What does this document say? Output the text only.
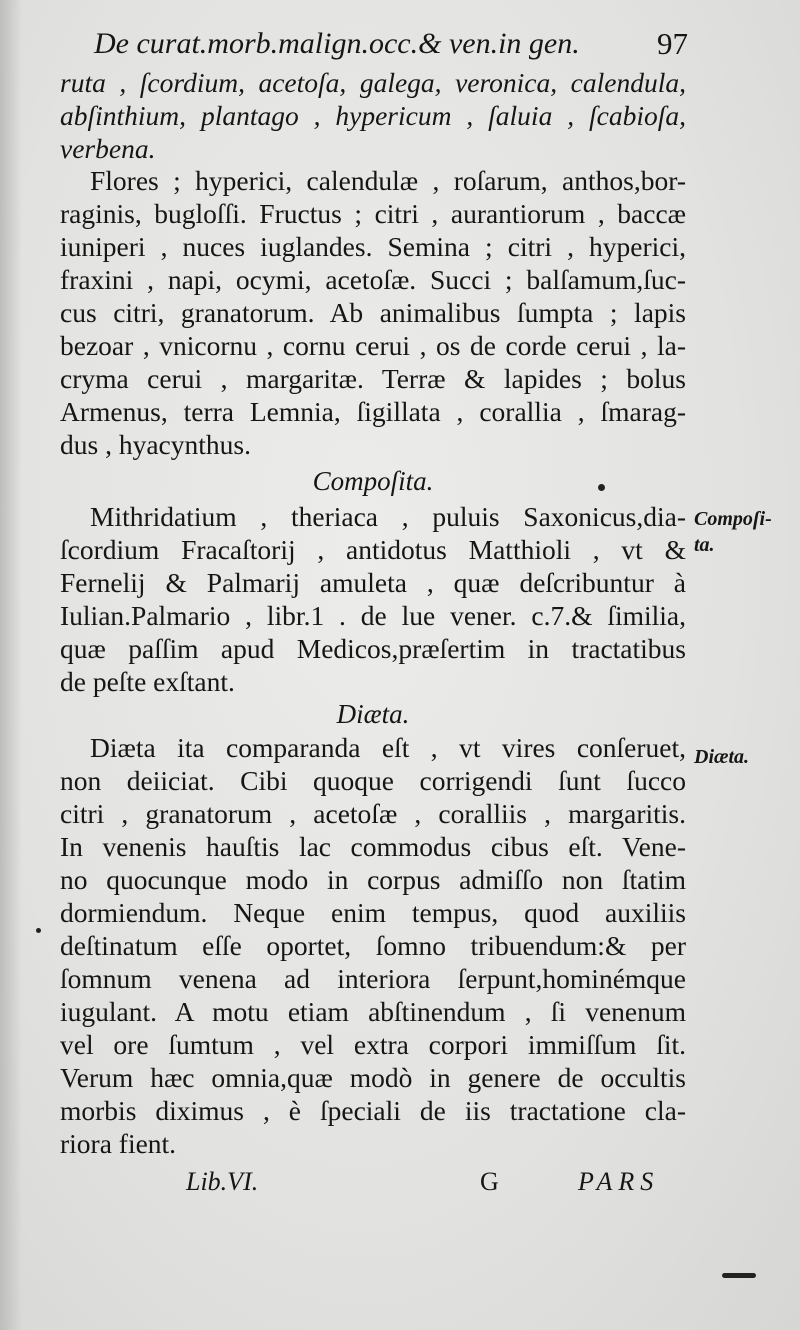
De curat.morb.malign.occ.& ven.in gen. 97
ruta , ſcordium, acetoſa, galega, veronica, calendula,
abſinthium, plantago , hypericum , ſaluia , ſcabioſa,
verbena.
Flores ; hyperici, calendulæ , roſarum, anthos,bor-
raginis, bugloſſi. Fructus ; citri , aurantiorum , baccæ
iuniperi , nuces iuglandes. Semina ; citri , hyperici,
fraxini , napi, ocymi, acetoſæ. Succi ; balſamum,ſuc-
cus citri, granatorum. Ab animalibus ſumpta ; lapis
bezoar , vnicornu , cornu cerui , os de corde cerui , la-
cryma cerui , margaritæ. Terræ & lapides ; bolus
Armenus, terra Lemnia, ſigillata , corallia , ſmarag-
dus , hyacynthus.
Compoſita.
Mithridatium , theriaca , puluis Saxonicus,dia-
ſcordium Fracaſtorij , antidotus Matthioli , vt &
Fernelij & Palmarij amuleta , quæ deſcribuntur à
Iulian.Palmario , libr.1 . de lue vener. c.7.& ſimilia,
quæ paſſim apud Medicos,præſertim in tractatibus
de peſte exſtant.
Diæta.
Diæta ita comparanda eſt , vt vires conſeruet,
non deiiciat. Cibi quoque corrigendi ſunt ſucco
citri , granatorum , acetoſæ , coralliis , margaritis.
In venenis hauſtis lac commodus cibus eſt. Vene-
no quocunque modo in corpus admiſſo non ſtatim
dormiendum. Neque enim tempus, quod auxiliis
deſtinatum eſſe oportet, ſomno tribuendum:& per
ſomnum venena ad interiora ſerpunt,hominémque
iugulant. A motu etiam abſtinendum , ſi venenum
vel ore ſumtum , vel extra corpori immiſſum ſit.
Verum hæc omnia,quæ modò in genere de occultis
morbis diximus , è ſpeciali de iis tractatione cla-
riora fient.
Compoſi-
ta.
Diæta.
Lib.VI.	G	PARS
